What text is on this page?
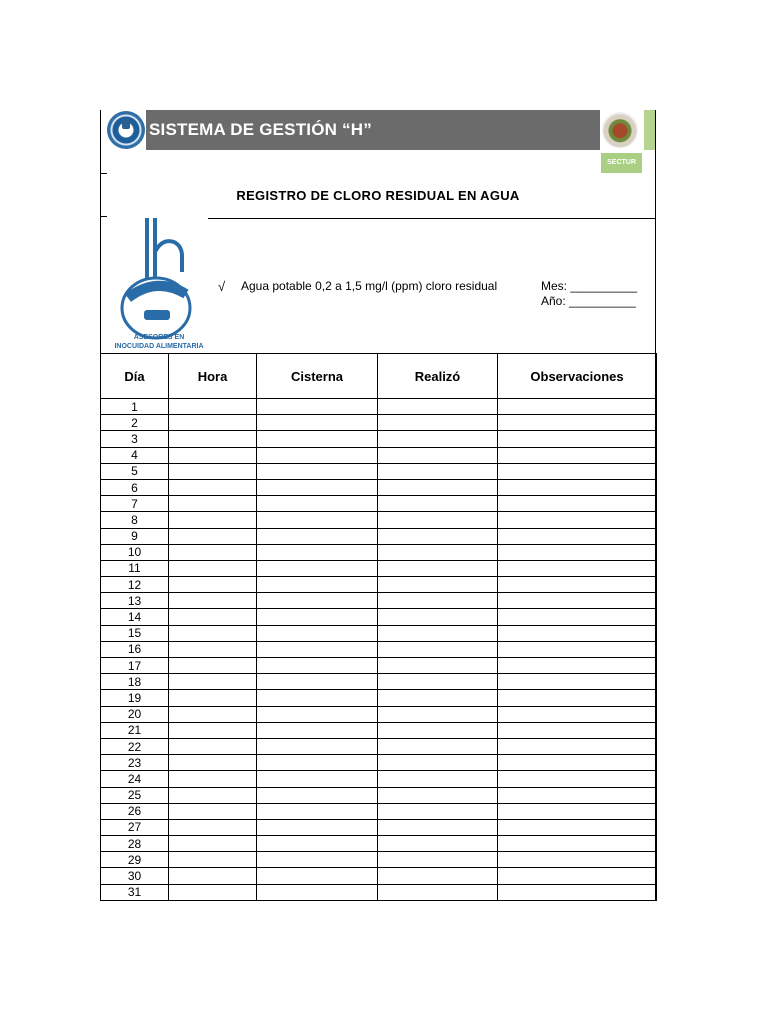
SISTEMA DE GESTIÓN “H”
SECTUR
REGISTRO DE CLORO RESIDUAL EN AGUA
ASESORES EN
INOCUIDAD ALIMENTARIA
√ Agua potable 0,2 a 1,5 mg/l (ppm) cloro residual	Mes: __________
Año: __________
Día	Hora	Cisterna	Realizó	Observaciones
1				
2				
3				
4				
5				
6				
7				
8				
9				
10				
11				
12				
13				
14				
15				
16				
17				
18				
19				
20				
21				
22				
23				
24				
25				
26				
27				
28				
29				
30				
31				
